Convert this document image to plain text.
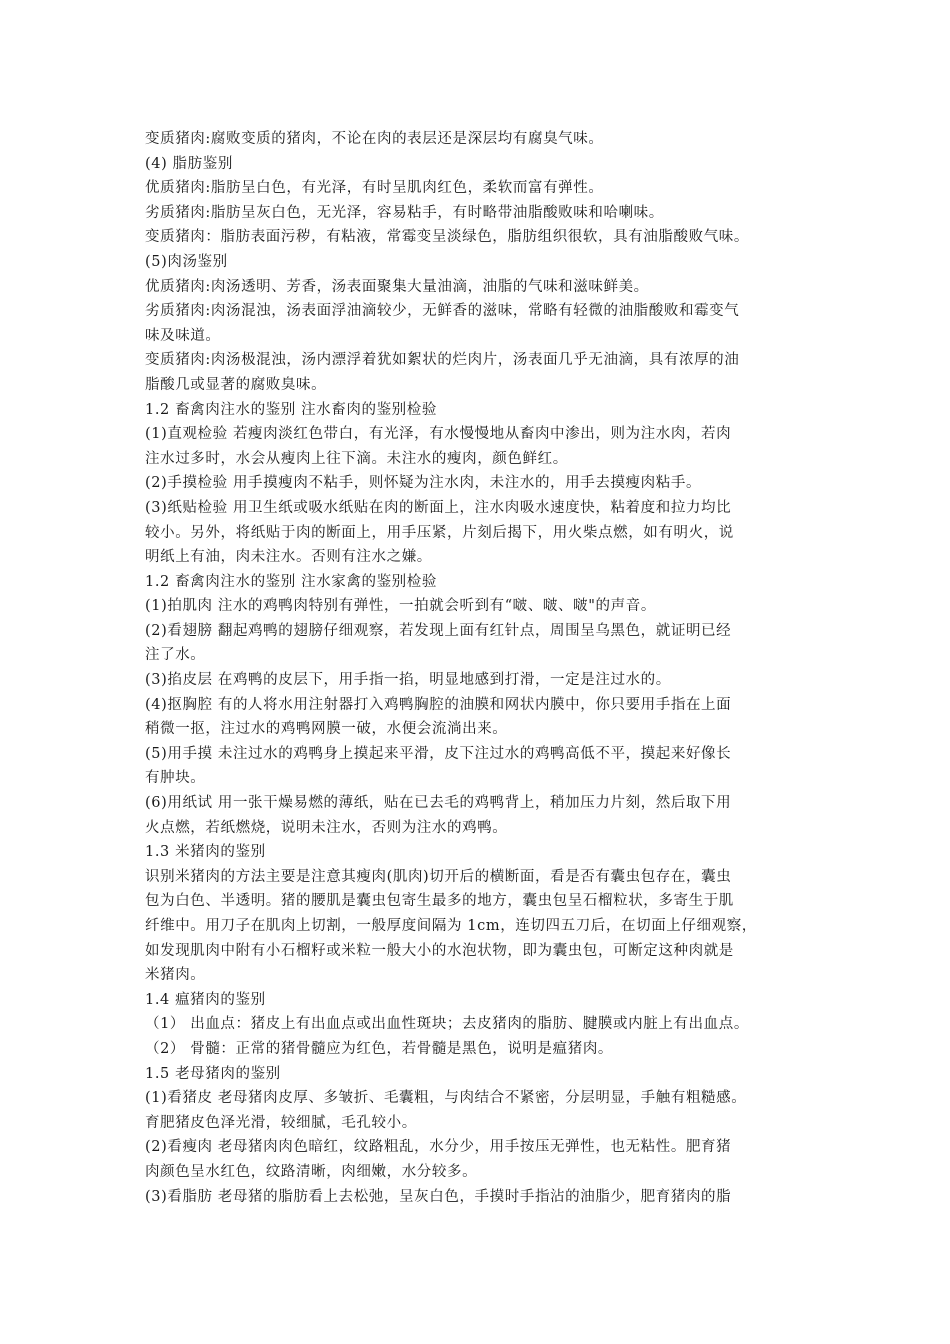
变质猪肉:腐败变质的猪肉，不论在肉的表层还是深层均有腐臭气味。
(4) 脂肪鉴别
优质猪肉:脂肪呈白色，有光泽，有时呈肌肉红色，柔软而富有弹性。
劣质猪肉:脂肪呈灰白色，无光泽，容易粘手，有时略带油脂酸败味和哈喇味。
变质猪肉：脂肪表面污秽，有粘液，常霉变呈淡绿色，脂肪组织很软，具有油脂酸败气味。
(5)肉汤鉴别
优质猪肉:肉汤透明、芳香，汤表面聚集大量油滴，油脂的气味和滋味鲜美。
劣质猪肉:肉汤混浊，汤表面浮油滴较少，无鲜香的滋味，常略有轻微的油脂酸败和霉变气
味及味道。
变质猪肉:肉汤极混浊，汤内漂浮着犹如絮状的烂肉片，汤表面几乎无油滴，具有浓厚的油
脂酸几或显著的腐败臭味。
1.2 畜禽肉注水的鉴别 注水畜肉的鉴别检验
(1)直观检验 若瘦肉淡红色带白，有光泽，有水慢慢地从畜肉中渗出，则为注水肉，若肉
注水过多时，水会从瘦肉上往下滴。未注水的瘦肉，颜色鲜红。
(2)手摸检验 用手摸瘦肉不粘手，则怀疑为注水肉，未注水的，用手去摸瘦肉粘手。
(3)纸贴检验 用卫生纸或吸水纸贴在肉的断面上，注水肉吸水速度快，粘着度和拉力均比
较小。另外，将纸贴于肉的断面上，用手压紧，片刻后揭下，用火柴点燃，如有明火，说
明纸上有油，肉未注水。否则有注水之嫌。
1.2 畜禽肉注水的鉴别 注水家禽的鉴别检验
(1)拍肌肉 注水的鸡鸭肉特别有弹性，一拍就会听到有“啵、啵、啵"的声音。
(2)看翅膀 翻起鸡鸭的翅膀仔细观察，若发现上面有红针点，周围呈乌黑色，就证明已经
注了水。
(3)掐皮层 在鸡鸭的皮层下，用手指一掐，明显地感到打滑，一定是注过水的。
(4)抠胸腔 有的人将水用注射器打入鸡鸭胸腔的油膜和网状内膜中，你只要用手指在上面
稍微一抠，注过水的鸡鸭网膜一破，水便会流淌出来。
(5)用手摸 未注过水的鸡鸭身上摸起来平滑，皮下注过水的鸡鸭高低不平，摸起来好像长
有肿块。
(6)用纸试 用一张干燥易燃的薄纸，贴在已去毛的鸡鸭背上，稍加压力片刻，然后取下用
火点燃，若纸燃烧，说明未注水，否则为注水的鸡鸭。
1.3 米猪肉的鉴别
识别米猪肉的方法主要是注意其瘦肉(肌肉)切开后的横断面，看是否有囊虫包存在，囊虫
包为白色、半透明。猪的腰肌是囊虫包寄生最多的地方，囊虫包呈石榴粒状，多寄生于肌
纤维中。用刀子在肌肉上切割，一般厚度间隔为 1cm，连切四五刀后，在切面上仔细观察，
如发现肌肉中附有小石榴籽或米粒一般大小的水泡状物，即为囊虫包，可断定这种肉就是
米猪肉。
1.4 瘟猪肉的鉴别
（1） 出血点：猪皮上有出血点或出血性斑块；去皮猪肉的脂肪、腱膜或内脏上有出血点。
（2） 骨髓：正常的猪骨髓应为红色，若骨髓是黑色，说明是瘟猪肉。
1.5 老母猪肉的鉴别
(1)看猪皮 老母猪肉皮厚、多皱折、毛囊粗，与肉结合不紧密，分层明显，手触有粗糙感。
育肥猪皮色泽光滑，较细腻，毛孔较小。
(2)看瘦肉 老母猪肉肉色暗红，纹路粗乱，水分少，用手按压无弹性，也无粘性。肥育猪
肉颜色呈水红色，纹路清晰，肉细嫩，水分较多。
(3)看脂肪 老母猪的脂肪看上去松弛，呈灰白色，手摸时手指沾的油脂少，肥育猪肉的脂
